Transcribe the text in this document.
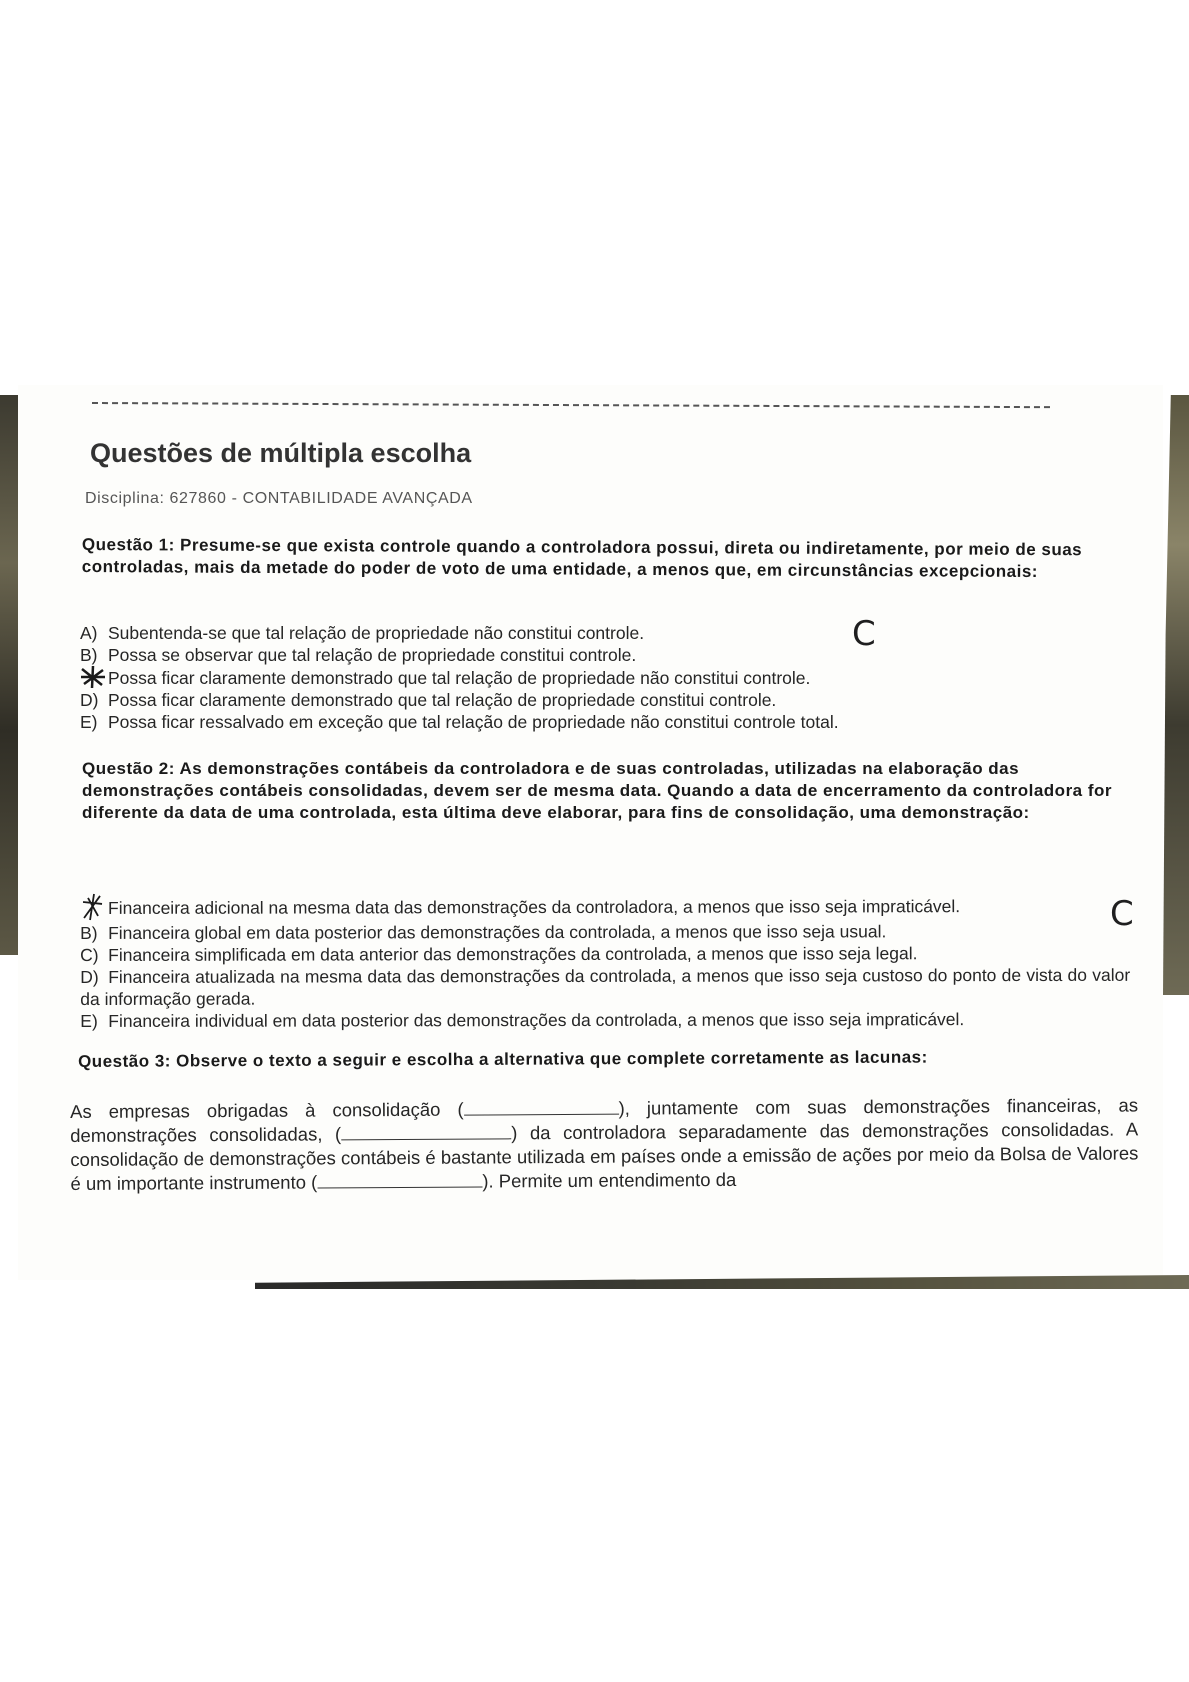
Questões de múltipla escolha
Disciplina: 627860 - CONTABILIDADE AVANÇADA
Questão 1: Presume-se que exista controle quando a controladora possui, direta ou indiretamente, por meio de suas controladas, mais da metade do poder de voto de uma entidade, a menos que, em circunstâncias excepcionais:
A) Subentenda-se que tal relação de propriedade não constitui controle.
B) Possa se observar que tal relação de propriedade constitui controle.
Possa ficar claramente demonstrado que tal relação de propriedade não constitui controle.
D) Possa ficar claramente demonstrado que tal relação de propriedade constitui controle.
E) Possa ficar ressalvado em exceção que tal relação de propriedade não constitui controle total.
C
Questão 2: As demonstrações contábeis da controladora e de suas controladas, utilizadas na elaboração das demonstrações contábeis consolidadas, devem ser de mesma data. Quando a data de encerramento da controladora for diferente da data de uma controlada, esta última deve elaborar, para fins de consolidação, uma demonstração:
Financeira adicional na mesma data das demonstrações da controladora, a menos que isso seja impraticável.
B) Financeira global em data posterior das demonstrações da controlada, a menos que isso seja usual.
C) Financeira simplificada em data anterior das demonstrações da controlada, a menos que isso seja legal.
D) Financeira atualizada na mesma data das demonstrações da controlada, a menos que isso seja custoso do ponto de vista do valor da informação gerada.
E) Financeira individual em data posterior das demonstrações da controlada, a menos que isso seja impraticável.
C
Questão 3: Observe o texto a seguir e escolha a alternativa que complete corretamente as lacunas:
As empresas obrigadas à consolidação (	), juntamente com suas demonstrações financeiras, as demonstrações consolidadas, (	) da controladora separadamente das demonstrações consolidadas. A consolidação de demonstrações contábeis é bastante utilizada em países onde a emissão de ações por meio da Bolsa de Valores é um importante instrumento (	). Permite um entendimento da
